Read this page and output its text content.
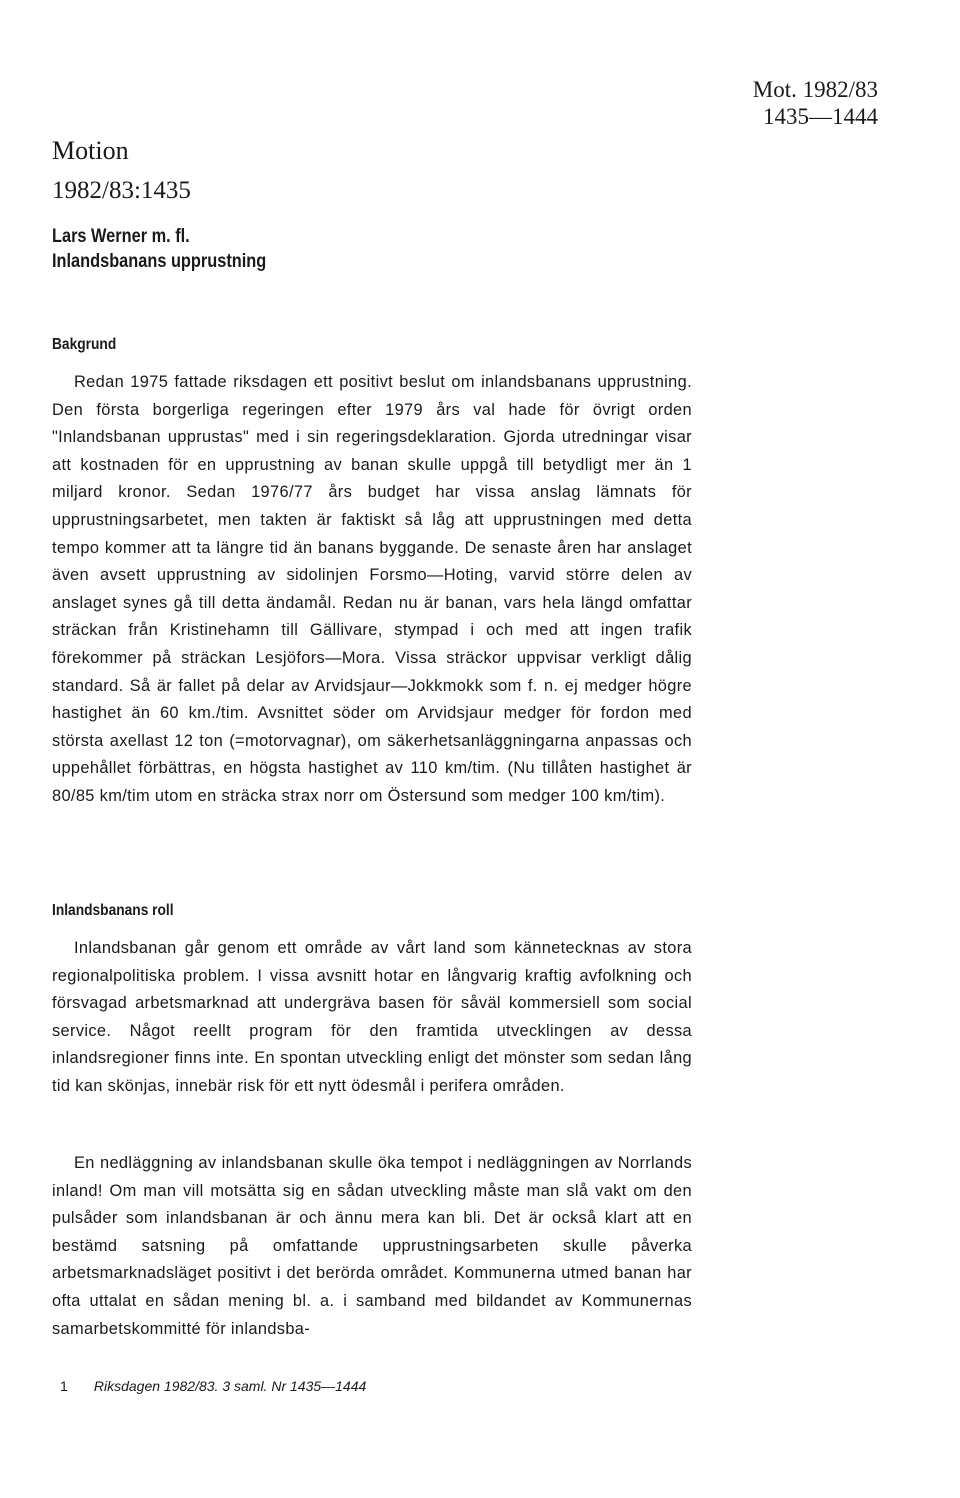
Mot. 1982/83
1435—1444
Motion
1982/83:1435
Lars Werner m. fl.
Inlandsbanans upprustning
Bakgrund
Redan 1975 fattade riksdagen ett positivt beslut om inlandsbanans upprustning. Den första borgerliga regeringen efter 1979 års val hade för övrigt orden "Inlandsbanan upprustas" med i sin regeringsdeklaration. Gjorda utredningar visar att kostnaden för en upprustning av banan skulle uppgå till betydligt mer än 1 miljard kronor. Sedan 1976/77 års budget har vissa anslag lämnats för upprustningsarbetet, men takten är faktiskt så låg att upprustningen med detta tempo kommer att ta längre tid än banans byggande. De senaste åren har anslaget även avsett upprustning av sidolinjen Forsmo—Hoting, varvid större delen av anslaget synes gå till detta ändamål. Redan nu är banan, vars hela längd omfattar sträckan från Kristinehamn till Gällivare, stympad i och med att ingen trafik förekommer på sträckan Lesjöfors—Mora. Vissa sträckor uppvisar verkligt dålig standard. Så är fallet på delar av Arvidsjaur—Jokkmokk som f. n. ej medger högre hastighet än 60 km./tim. Avsnittet söder om Arvidsjaur medger för fordon med största axellast 12 ton (=motorvagnar), om säkerhetsanläggningarna anpassas och uppehållet förbättras, en högsta hastighet av 110 km/tim. (Nu tillåten hastighet är 80/85 km/tim utom en sträcka strax norr om Östersund som medger 100 km/tim).
Inlandsbanans roll
Inlandsbanan går genom ett område av vårt land som kännetecknas av stora regionalpolitiska problem. I vissa avsnitt hotar en långvarig kraftig avfolkning och försvagad arbetsmarknad att undergräva basen för såväl kommersiell som social service. Något reellt program för den framtida utvecklingen av dessa inlandsregioner finns inte. En spontan utveckling enligt det mönster som sedan lång tid kan skönjas, innebär risk för ett nytt ödesmål i perifera områden.
En nedläggning av inlandsbanan skulle öka tempot i nedläggningen av Norrlands inland! Om man vill motsätta sig en sådan utveckling måste man slå vakt om den pulsåder som inlandsbanan är och ännu mera kan bli. Det är också klart att en bestämd satsning på omfattande upprustningsarbeten skulle påverka arbetsmarknadsläget positivt i det berörda området. Kommunerna utmed banan har ofta uttalat en sådan mening bl. a. i samband med bildandet av Kommunernas samarbetskommitté för inlandsba-
1 Riksdagen 1982/83. 3 saml. Nr 1435—1444
